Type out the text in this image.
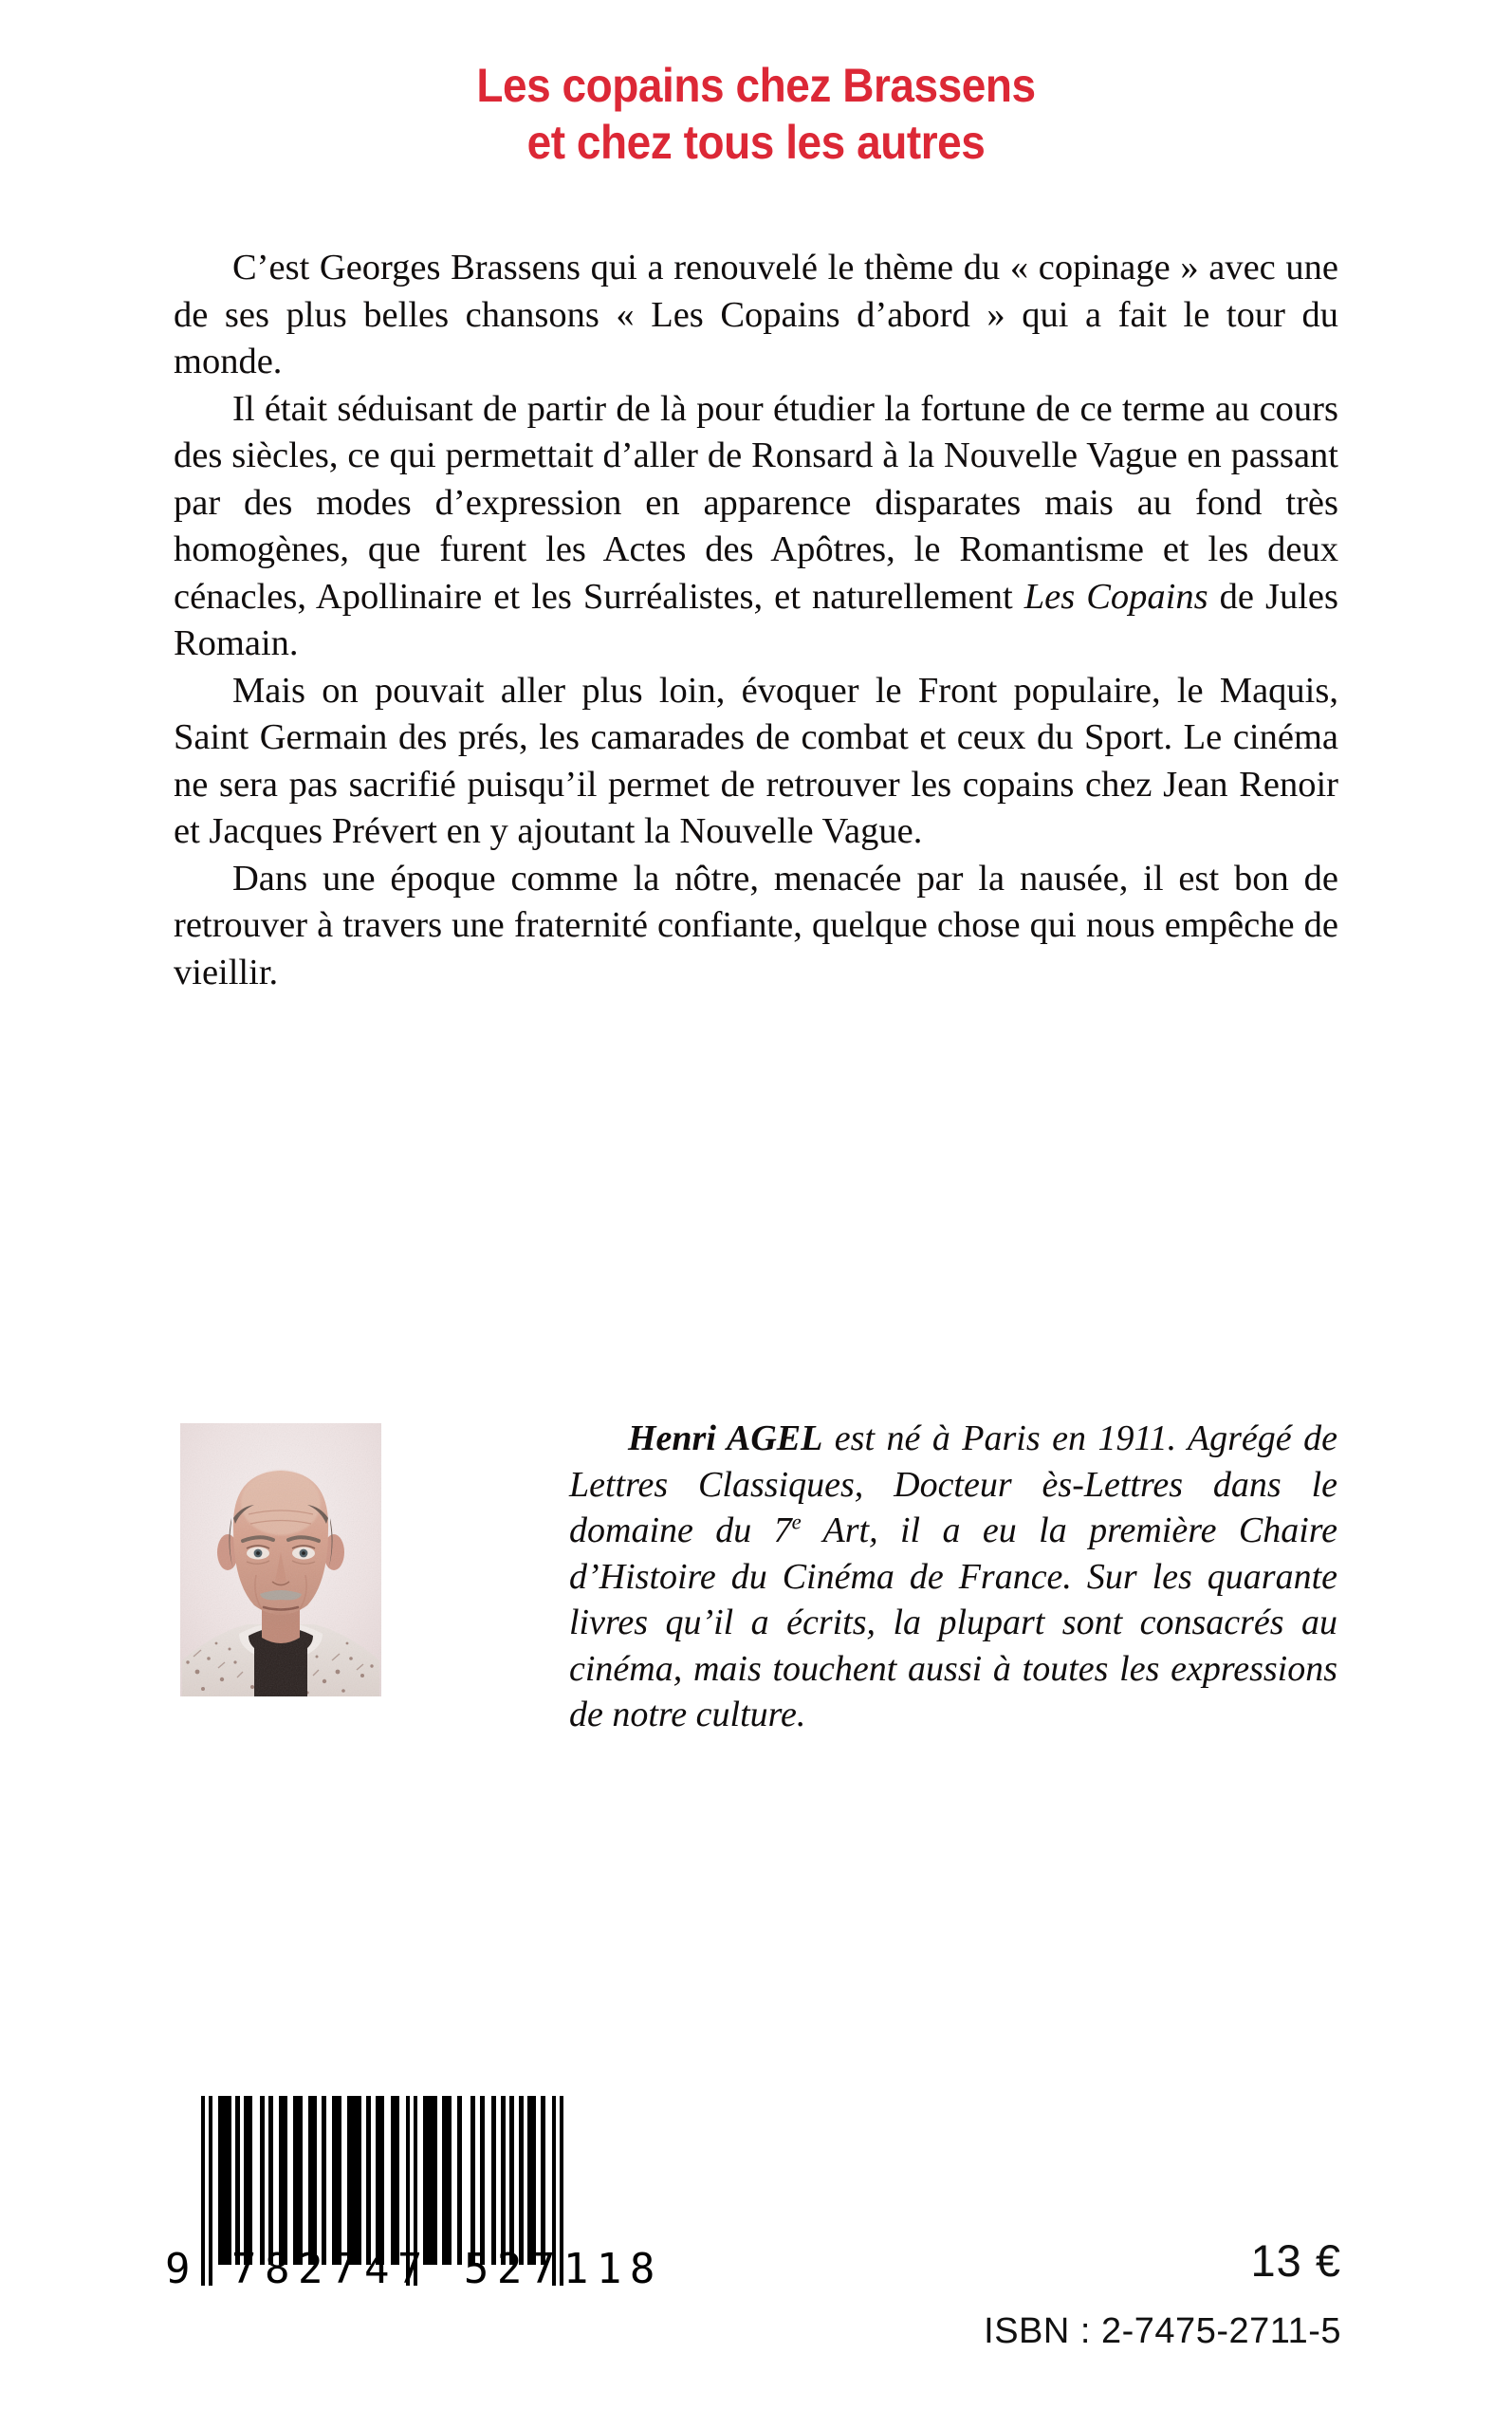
Les copains chez Brassens
et chez tous les autres

C’est Georges Brassens qui a renouvelé le thème du « copinage » avec une de ses plus belles chansons « Les Copains d’abord » qui a fait le tour du monde.

Il était séduisant de partir de là pour étudier la fortune de ce terme au cours des siècles, ce qui permettait d’aller de Ronsard à la Nouvelle Vague en passant par des modes d’expression en apparence disparates mais au fond très homogènes, que furent les Actes des Apôtres, le Romantisme et les deux cénacles, Apollinaire et les Surréalistes, et naturellement Les Copains de Jules Romain.

Mais on pouvait aller plus loin, évoquer le Front populaire, le Maquis, Saint Germain des prés, les camarades de combat et ceux du Sport. Le cinéma ne sera pas sacrifié puisqu’il permet de retrouver les copains chez Jean Renoir et Jacques Prévert en y ajoutant la Nouvelle Vague.

Dans une époque comme la nôtre, menacée par la nausée, il est bon de retrouver à travers une fraternité confiante, quelque chose qui nous empêche de vieillir.

Henri AGEL est né à Paris en 1911. Agrégé de Lettres Classiques, Docteur ès-Lettres dans le domaine du 7e Art, il a eu la première Chaire d’Histoire du Cinéma de France. Sur les quarante livres qu’il a écrits, la plupart sont consacrés au cinéma, mais touchent aussi à toutes les expressions de notre culture.

9 782747 527118	13 €
ISBN : 2-7475-2711-5
